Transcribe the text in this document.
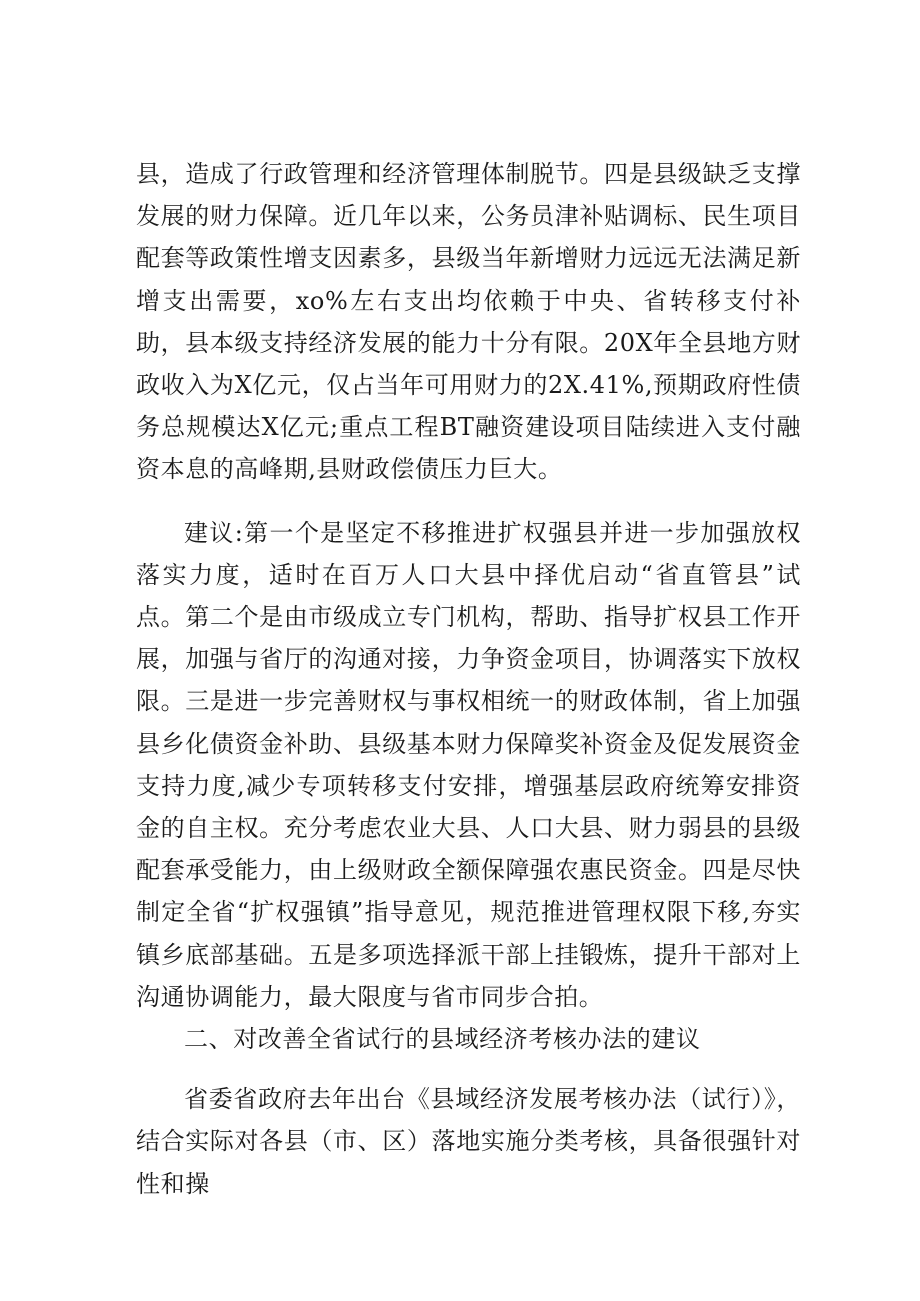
县，造成了行政管理和经济管理体制脱节。四是县级缺乏支撑发展的财力保障。近几年以来，公务员津补贴调标、民生项目配套等政策性增支因素多，县级当年新增财力远远无法满足新增支出需要，xo%左右支出均依赖于中央、省转移支付补助，县本级支持经济发展的能力十分有限。20X年全县地方财政收入为X亿元，仅占当年可用财力的2X.41%,预期政府性债务总规模达X亿元;重点工程BT融资建设项目陆续进入支付融资本息的高峰期,县财政偿债压力巨大。

建议:第一个是坚定不移推进扩权强县并进一步加强放权落实力度，适时在百万人口大县中择优启动“省直管县”试点。第二个是由市级成立专门机构，帮助、指导扩权县工作开展，加强与省厅的沟通对接，力争资金项目，协调落实下放权限。三是进一步完善财权与事权相统一的财政体制，省上加强县乡化债资金补助、县级基本财力保障奖补资金及促发展资金支持力度,减少专项转移支付安排，增强基层政府统筹安排资金的自主权。充分考虑农业大县、人口大县、财力弱县的县级配套承受能力，由上级财政全额保障强农惠民资金。四是尽快制定全省“扩权强镇”指导意见，规范推进管理权限下移,夯实镇乡底部基础。五是多项选择派干部上挂锻炼，提升干部对上沟通协调能力，最大限度与省市同步合拍。

二、对改善全省试行的县域经济考核办法的建议

省委省政府去年出台《县域经济发展考核办法（试行）》，结合实际对各县（市、区）落地实施分类考核，具备很强针对性和操
